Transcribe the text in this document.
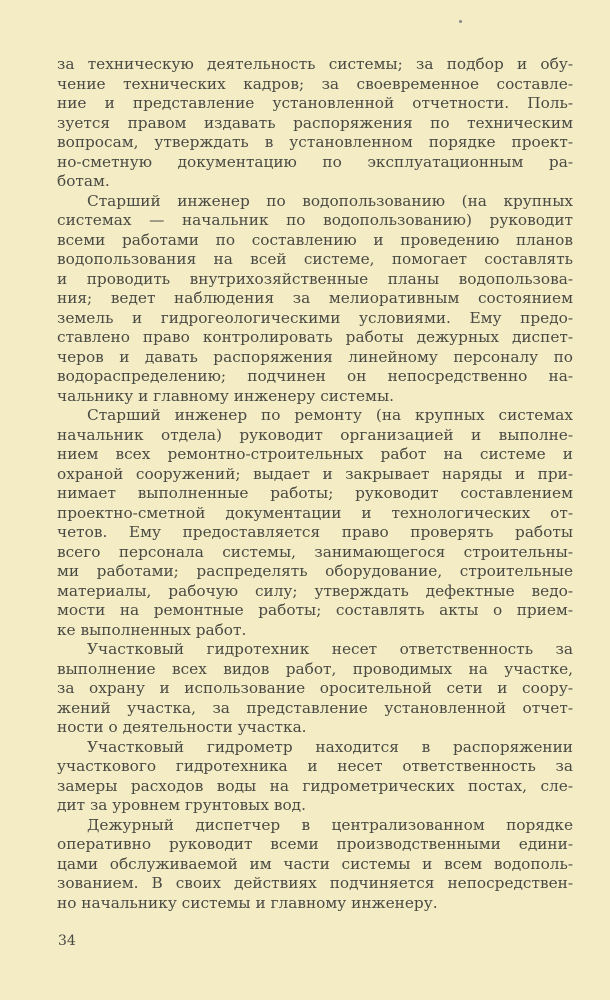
за техническую деятельность системы; за подбор и обу-
чение технических кадров; за своевременное составле-
ние и представление установленной отчетности. Поль-
зуется правом издавать распоряжения по техническим
вопросам, утверждать в установленном порядке проект-
но-сметную документацию по эксплуатационным ра-
ботам.
Старший инженер по водопользованию (на крупных
системах — начальник по водопользованию) руководит
всеми работами по составлению и проведению планов
водопользования на всей системе, помогает составлять
и проводить внутрихозяйственные планы водопользова-
ния; ведет наблюдения за мелиоративным состоянием
земель и гидрогеологическими условиями. Ему предо-
ставлено право контролировать работы дежурных диспет-
черов и давать распоряжения линейному персоналу по
водораспределению; подчинен он непосредственно на-
чальнику и главному инженеру системы.
Старший инженер по ремонту (на крупных системах
начальник отдела) руководит организацией и выполне-
нием всех ремонтно-строительных работ на системе и
охраной сооружений; выдает и закрывает наряды и при-
нимает выполненные работы; руководит составлением
проектно-сметной документации и технологических от-
четов. Ему предоставляется право проверять работы
всего персонала системы, занимающегося строительны-
ми работами; распределять оборудование, строительные
материалы, рабочую силу; утверждать дефектные ведо-
мости на ремонтные работы; составлять акты о прием-
ке выполненных работ.
Участковый гидротехник несет ответственность за
выполнение всех видов работ, проводимых на участке,
за охрану и использование оросительной сети и соору-
жений участка, за представление установленной отчет-
ности о деятельности участка.
Участковый гидрометр находится в распоряжении
участкового гидротехника и несет ответственность за
замеры расходов воды на гидрометрических постах, сле-
дит за уровнем грунтовых вод.
Дежурный диспетчер в централизованном порядке
оперативно руководит всеми производственными едини-
цами обслуживаемой им части системы и всем водополь-
зованием. В своих действиях подчиняется непосредствен-
но начальнику системы и главному инженеру.
34
